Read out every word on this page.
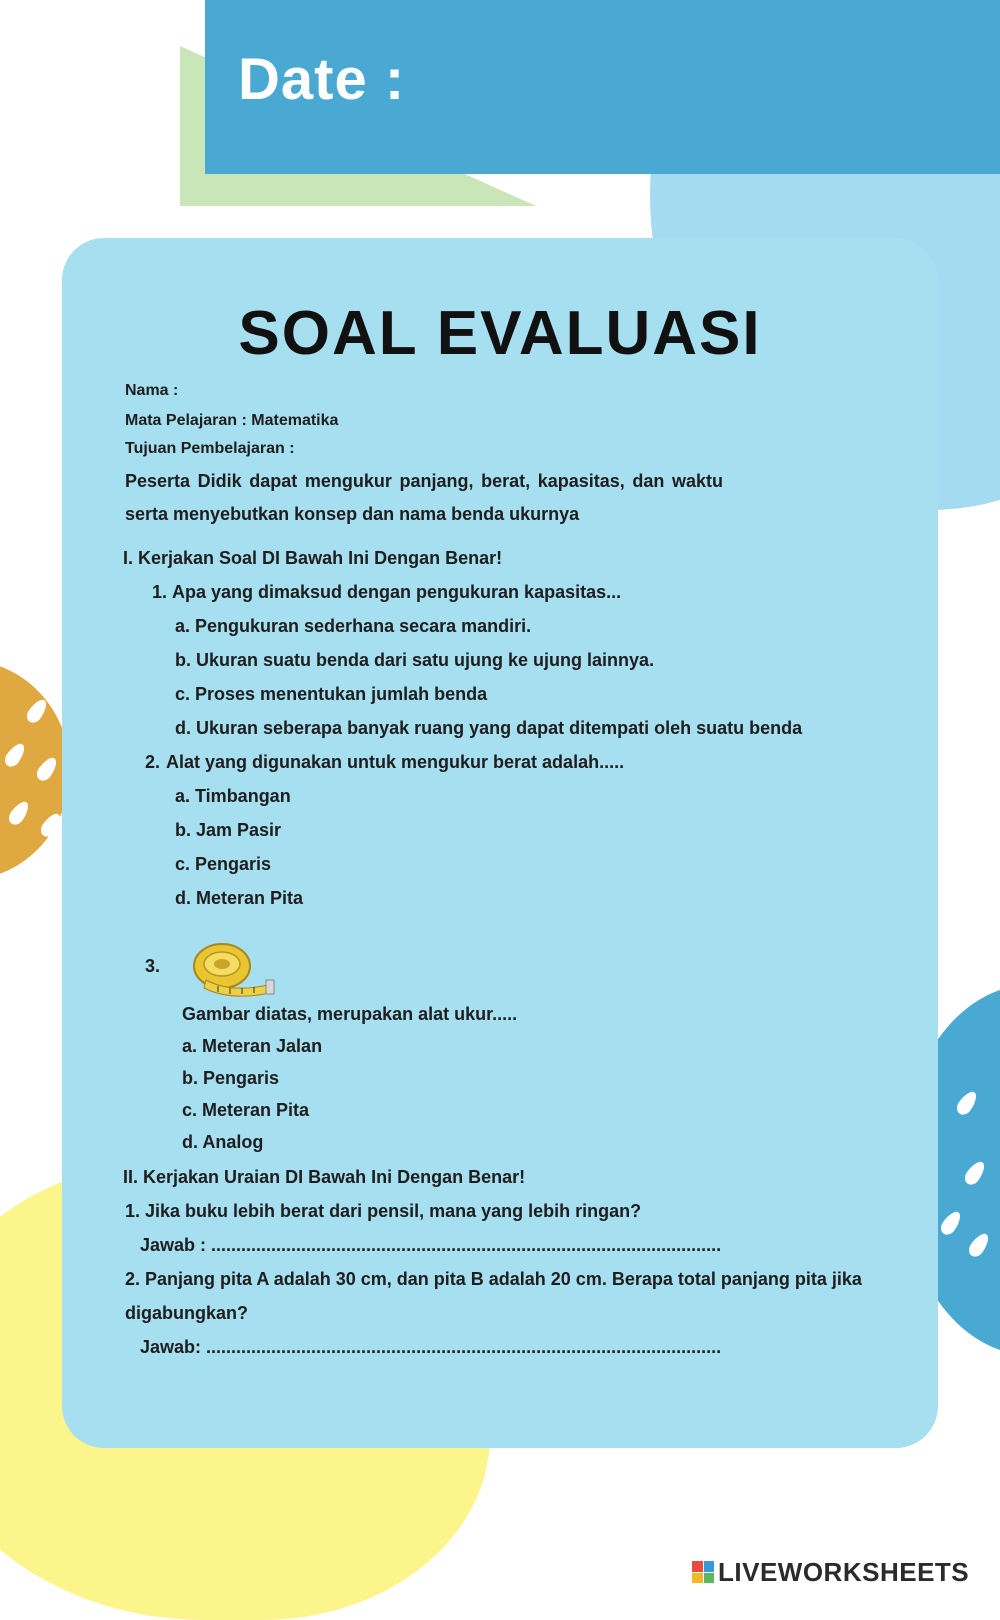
Date :
SOAL EVALUASI
Nama :
Mata Pelajaran : Matematika
Tujuan Pembelajaran :
Peserta Didik dapat mengukur panjang, berat, kapasitas, dan waktu
serta menyebutkan konsep dan nama benda ukurnya
I. Kerjakan Soal DI Bawah Ini Dengan Benar!
1. Apa yang dimaksud dengan pengukuran kapasitas...
a. Pengukuran sederhana secara mandiri.
b. Ukuran suatu benda dari satu ujung ke ujung lainnya.
c. Proses menentukan jumlah benda
d. Ukuran seberapa banyak ruang yang dapat ditempati oleh suatu benda
2. Alat yang digunakan untuk mengukur berat adalah.....
a. Timbangan
b. Jam Pasir
c. Pengaris
d. Meteran Pita
3.
Gambar diatas, merupakan alat ukur.....
a. Meteran Jalan
b. Pengaris
c. Meteran Pita
d. Analog
II. Kerjakan Uraian DI Bawah Ini Dengan Benar!
1. Jika buku lebih berat dari pensil, mana yang lebih ringan?
Jawab : ......................................................................................................
2. Panjang pita A adalah 30 cm, dan pita B adalah 20 cm. Berapa total panjang pita jika
digabungkan?
Jawab: .......................................................................................................
LIVEWORKSHEETS
